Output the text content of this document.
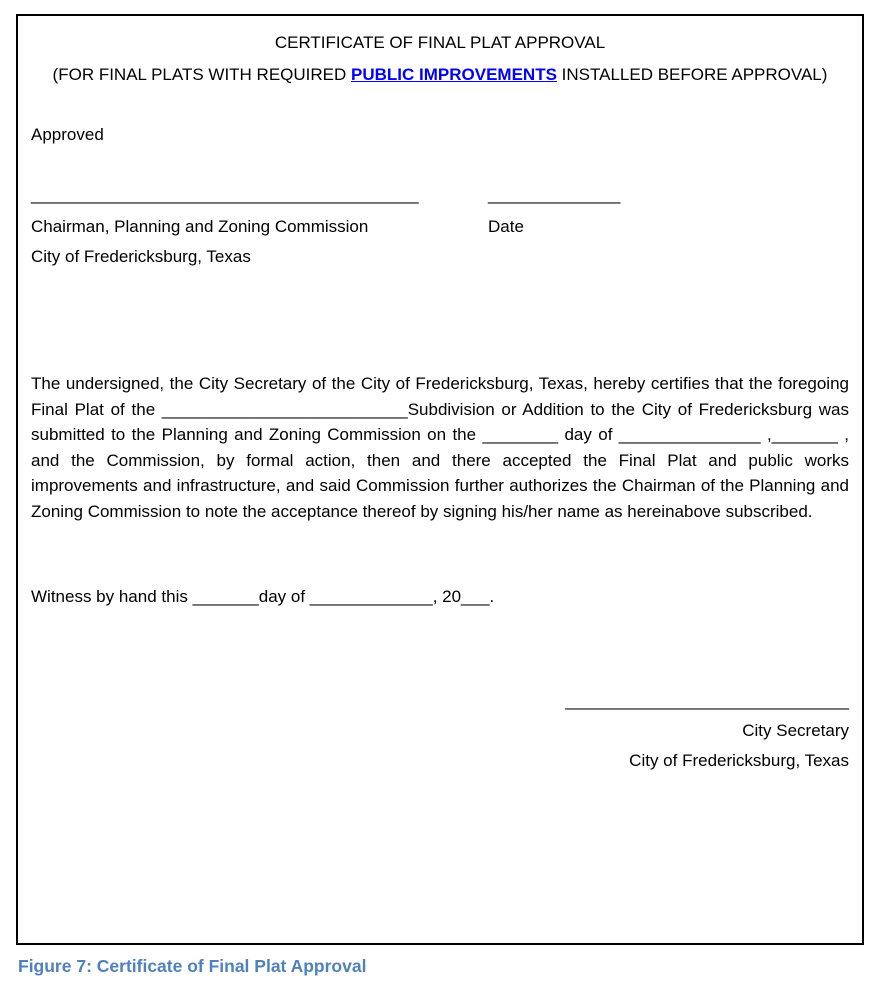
CERTIFICATE OF FINAL PLAT APPROVAL
(FOR FINAL PLATS WITH REQUIRED PUBLIC IMPROVEMENTS INSTALLED BEFORE APPROVAL)
Approved
_________________________________________	______________
Chairman, Planning and Zoning Commission	Date
City of Fredericksburg, Texas
The undersigned, the City Secretary of the City of Fredericksburg, Texas, hereby certifies that the foregoing Final Plat of the __________________________Subdivision or Addition to the City of Fredericksburg was submitted to the Planning and Zoning Commission on the ________ day of _______________ ,_______ , and the Commission, by formal action, then and there accepted the Final Plat and public works improvements and infrastructure, and said Commission further authorizes the Chairman of the Planning and Zoning Commission to note the acceptance thereof by signing his/her name as hereinabove subscribed.
Witness by hand this _______day of _____________, 20___.
______________________________
City Secretary
City of Fredericksburg, Texas
Figure 7: Certificate of Final Plat Approval
